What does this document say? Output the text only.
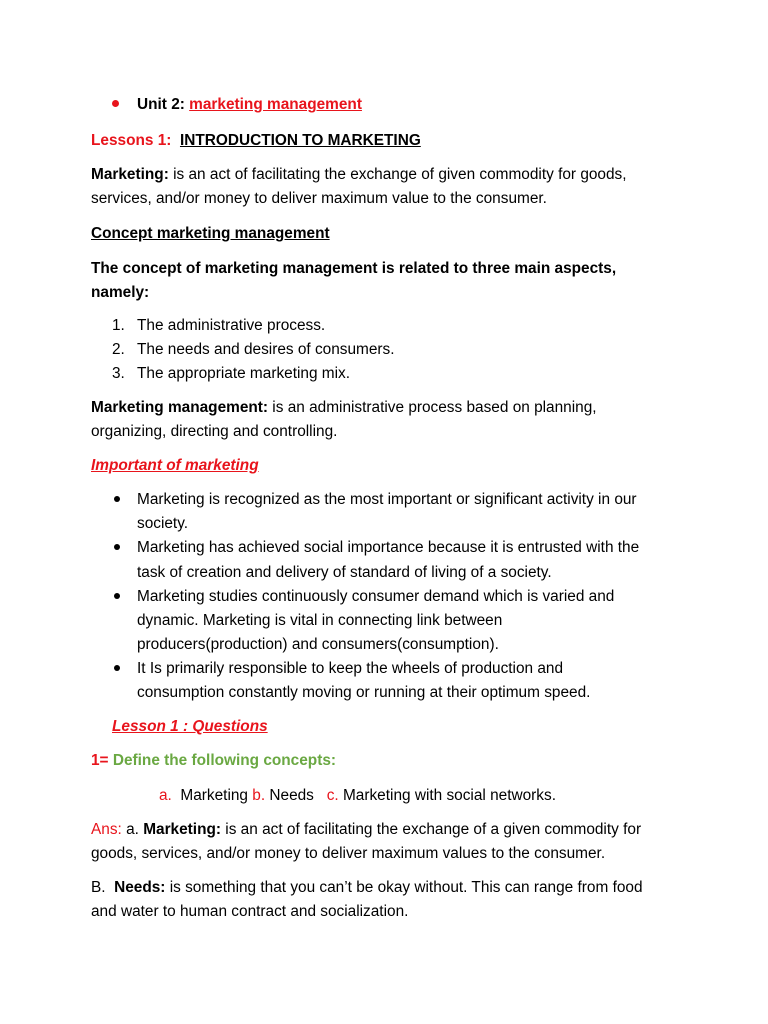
Unit 2: marketing management
Lessons 1: INTRODUCTION TO MARKETING
Marketing: is an act of facilitating the exchange of given commodity for goods,
services, and/or money to deliver maximum value to the consumer.
Concept marketing management
The concept of marketing management is related to three main aspects,
namely:
1. The administrative process.
2. The needs and desires of consumers.
3. The appropriate marketing mix.
Marketing management: is an administrative process based on planning,
organizing, directing and controlling.
Important of marketing
Marketing is recognized as the most important or significant activity in our
society.
Marketing has achieved social importance because it is entrusted with the
task of creation and delivery of standard of living of a society.
Marketing studies continuously consumer demand which is varied and
dynamic. Marketing is vital in connecting link between
producers(production) and consumers(consumption).
It Is primarily responsible to keep the wheels of production and
consumption constantly moving or running at their optimum speed.
Lesson 1 : Questions
1= Define the following concepts:
a. Marketing b. Needs c. Marketing with social networks.
Ans: a. Marketing: is an act of facilitating the exchange of a given commodity for
goods, services, and/or money to deliver maximum values to the consumer.
B. Needs: is something that you can’t be okay without. This can range from food
and water to human contract and socialization.
